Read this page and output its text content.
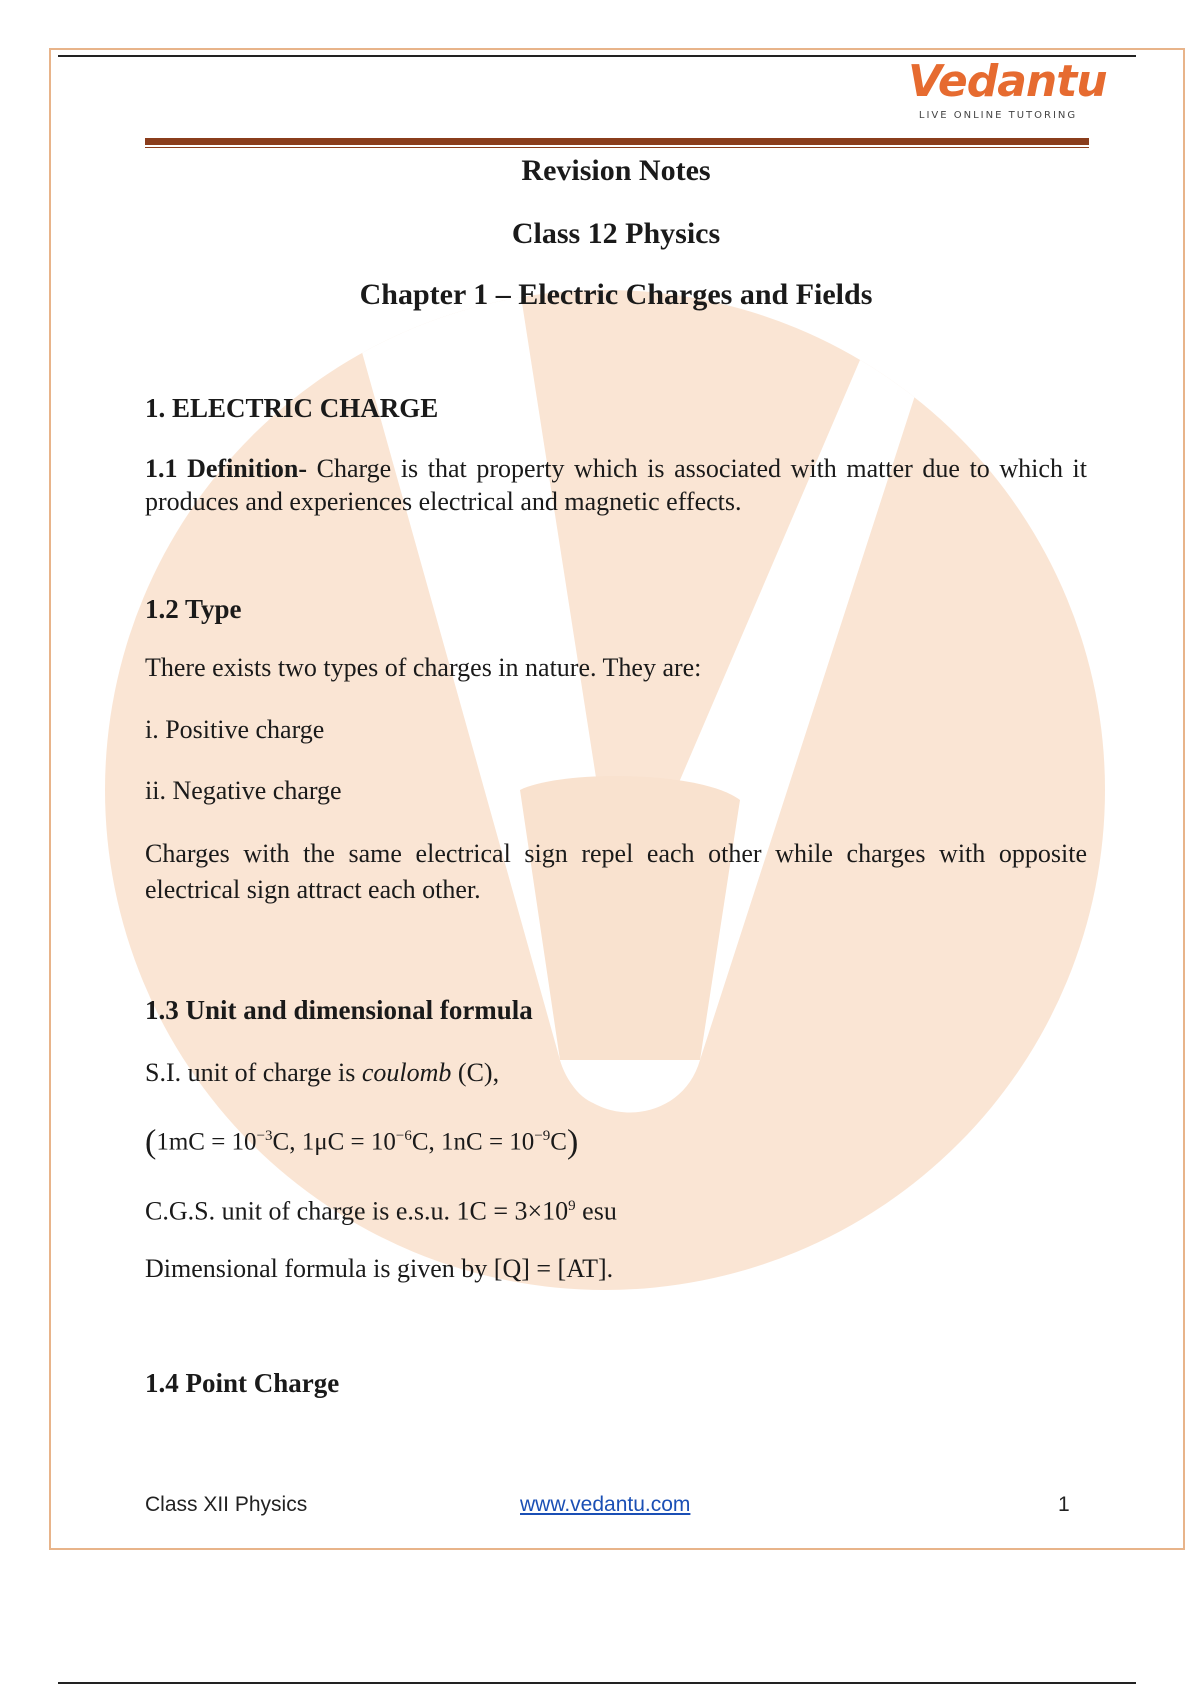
Vedantu
LIVE ONLINE TUTORING
Revision Notes
Class 12 Physics
Chapter 1 – Electric Charges and Fields
1. ELECTRIC CHARGE
1.1 Definition- Charge is that property which is associated with matter due to which it produces and experiences electrical and magnetic effects.
1.2 Type
There exists two types of charges in nature. They are:
i. Positive charge
ii. Negative charge
Charges with the same electrical sign repel each other while charges with opposite electrical sign attract each other.
1.3 Unit and dimensional formula
S.I. unit of charge is coulomb (C),
($1mC = 10^{-3}C$, $1\mu C = 10^{-6}C$, $1nC = 10^{-9}C$)
C.G.S. unit of charge is e.s.u. $1C = 3\times 10^9$ esu
Dimensional formula is given by [Q] = [AT].
1.4 Point Charge
Class XII Physics	www.vedantu.com	1
